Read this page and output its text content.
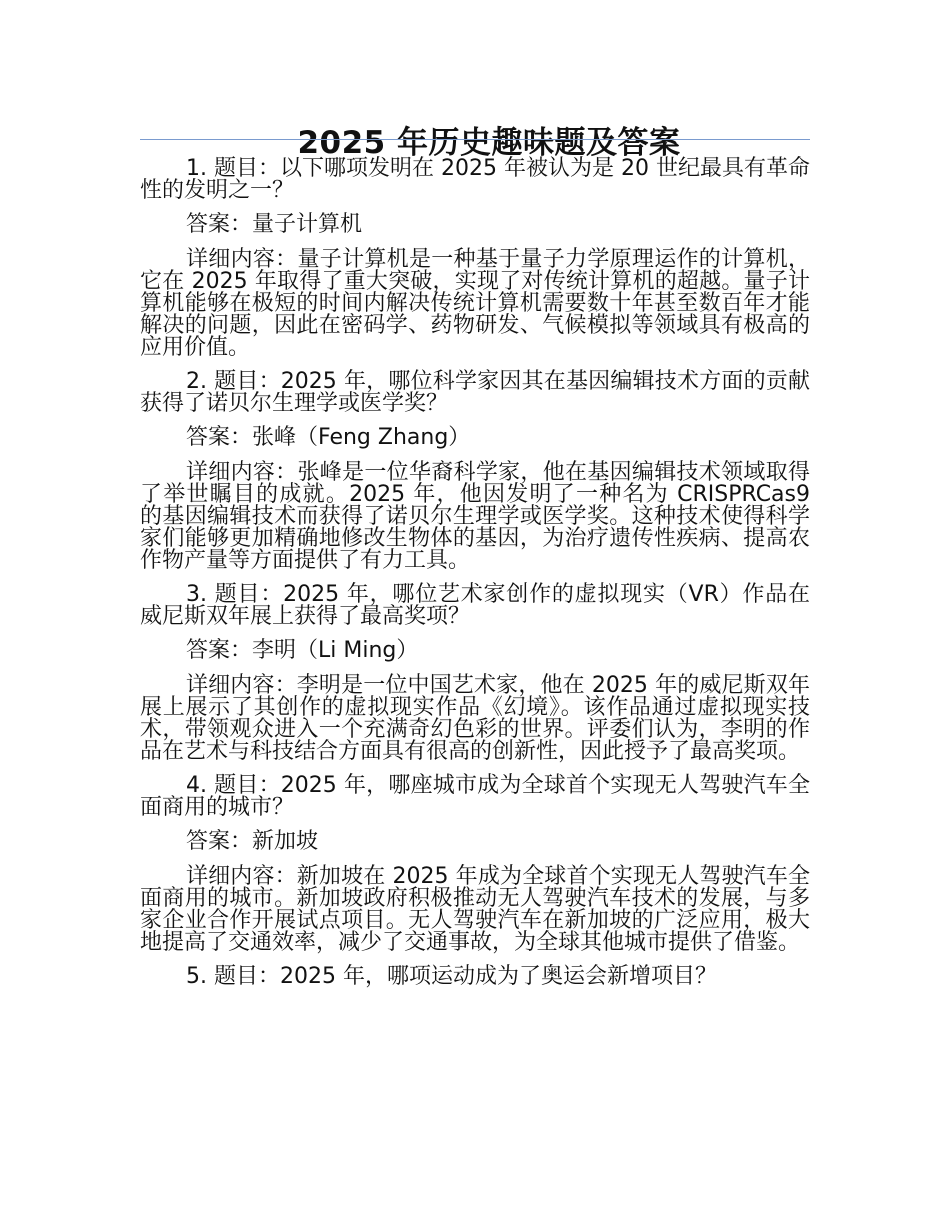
2025 年历史趣味题及答案

1. 题目：以下哪项发明在 2025 年被认为是 20 世纪最具有革命性的发明之一？

答案：量子计算机

详细内容：量子计算机是一种基于量子力学原理运作的计算机，它在 2025 年取得了重大突破，实现了对传统计算机的超越。量子计算机能够在极短的时间内解决传统计算机需要数十年甚至数百年才能解决的问题，因此在密码学、药物研发、气候模拟等领域具有极高的应用价值。

2. 题目：2025 年，哪位科学家因其在基因编辑技术方面的贡献获得了诺贝尔生理学或医学奖？

答案：张峰（Feng Zhang）

详细内容：张峰是一位华裔科学家，他在基因编辑技术领域取得了举世瞩目的成就。2025 年，他因发明了一种名为 CRISPRCas9 的基因编辑技术而获得了诺贝尔生理学或医学奖。这种技术使得科学家们能够更加精确地修改生物体的基因，为治疗遗传性疾病、提高农作物产量等方面提供了有力工具。

3. 题目：2025 年，哪位艺术家创作的虚拟现实（VR）作品在威尼斯双年展上获得了最高奖项？

答案：李明（Li Ming）

详细内容：李明是一位中国艺术家，他在 2025 年的威尼斯双年展上展示了其创作的虚拟现实作品《幻境》。该作品通过虚拟现实技术，带领观众进入一个充满奇幻色彩的世界。评委们认为，李明的作品在艺术与科技结合方面具有很高的创新性，因此授予了最高奖项。

4. 题目：2025 年，哪座城市成为全球首个实现无人驾驶汽车全面商用的城市？

答案：新加坡

详细内容：新加坡在 2025 年成为全球首个实现无人驾驶汽车全面商用的城市。新加坡政府积极推动无人驾驶汽车技术的发展，与多家企业合作开展试点项目。无人驾驶汽车在新加坡的广泛应用，极大地提高了交通效率，减少了交通事故，为全球其他城市提供了借鉴。

5. 题目：2025 年，哪项运动成为了奥运会新增项目？
